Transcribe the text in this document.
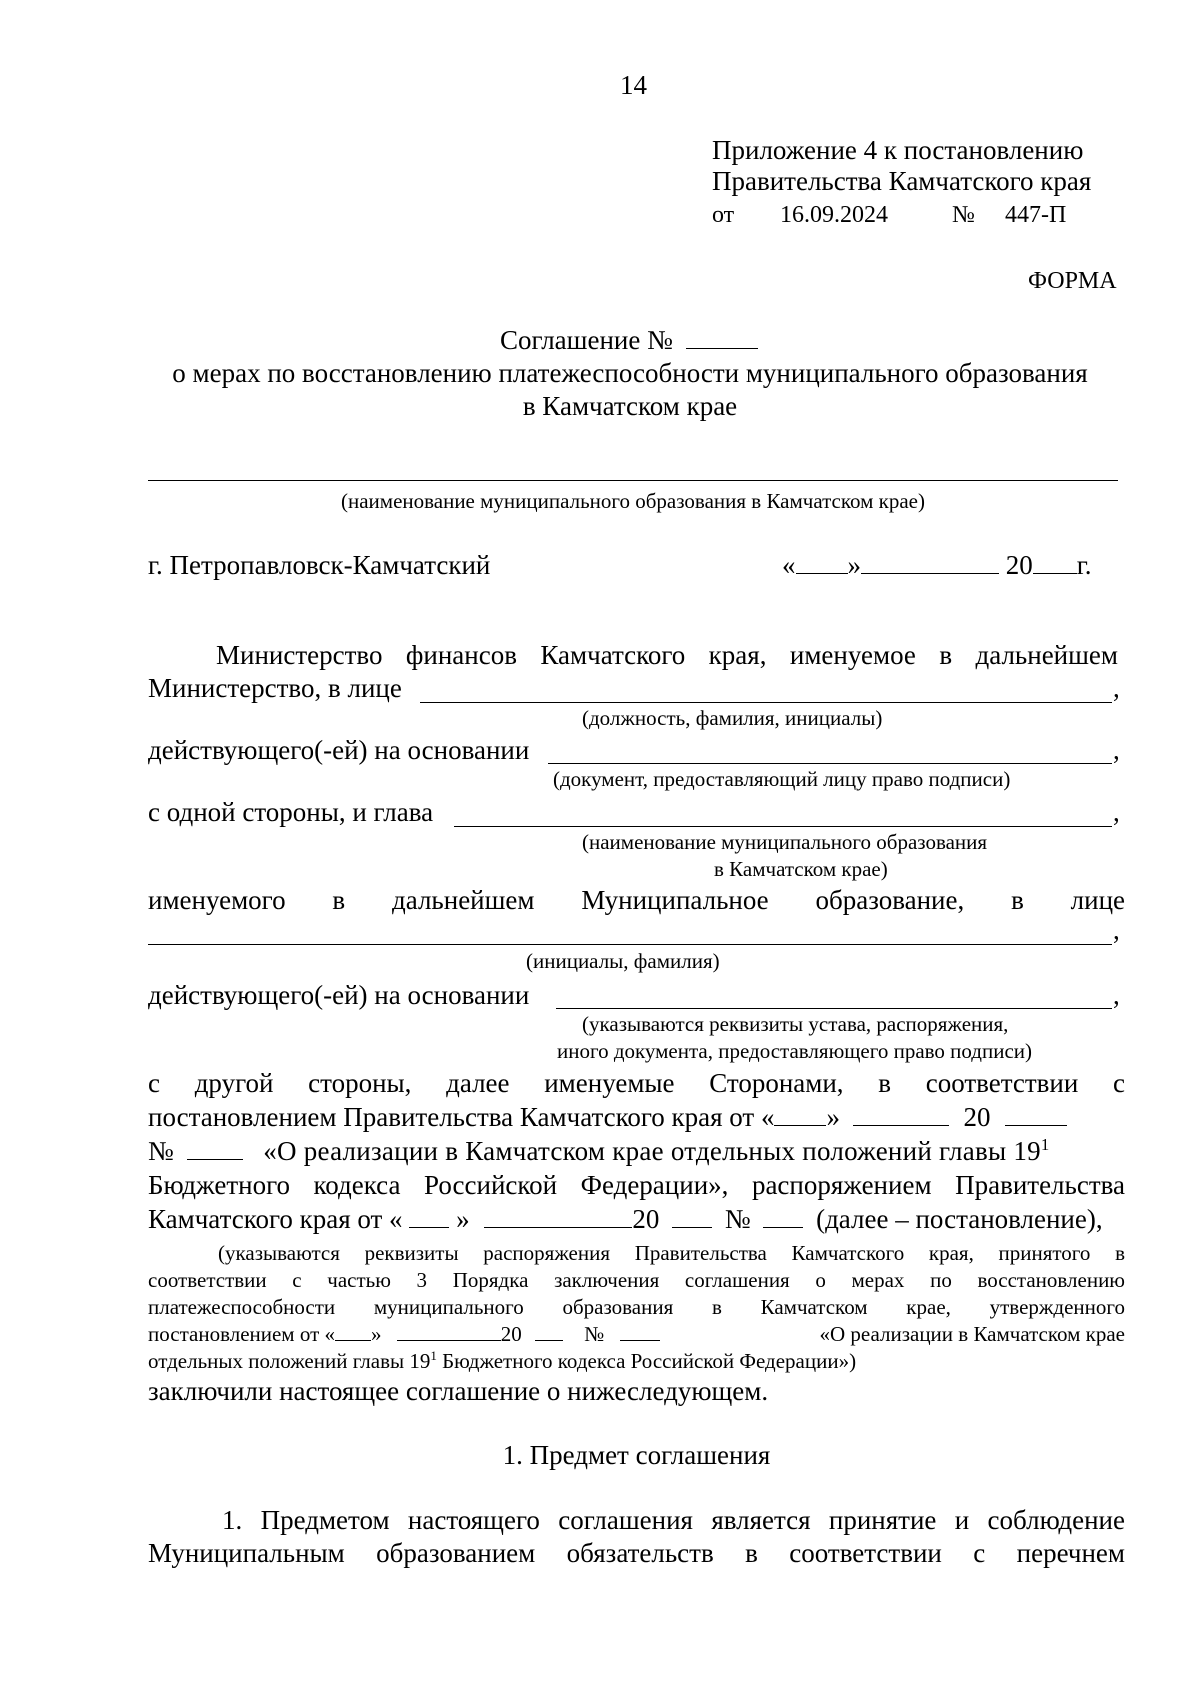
14
Приложение 4 к постановлению
Правительства Камчатского края
от 16.09.2024	№ 447-П
ФОРМА
Соглашение №
о мерах по восстановлению платежеспособности муниципального образования
в Камчатском крае
(наименование муниципального образования в Камчатском крае)
г. Петропавловск-Камчатский	« »	20 г.
Министерство финансов Камчатского края, именуемое в дальнейшем
Министерство, в лице	,
(должность, фамилия, инициалы)
действующего(-ей) на основании	,
(документ, предоставляющий лицу право подписи)
с одной стороны, и глава	,
(наименование муниципального образования
в Камчатском крае)
именуемого в дальнейшем Муниципальное образование, в лице
,
(инициалы, фамилия)
действующего(-ей) на основании	,
(указываются реквизиты устава, распоряжения,
иного документа, предоставляющего право подписи)
с другой стороны, далее именуемые Сторонами, в соответствии с
постановлением Правительства Камчатского края от « »	20
№	«О реализации в Камчатском крае отдельных положений главы $19^1$
Бюджетного кодекса Российской Федерации», распоряжением Правительства
Камчатского края от « »	20 № (далее – постановление),
(указываются реквизиты распоряжения Правительства Камчатского края, принятого в
соответствии с частью 3 Порядка заключения соглашения о мерах по восстановлению
платежеспособности муниципального образования в Камчатском крае, утвержденного
постановлением от « »	20	№	«О реализации в Камчатском крае
отдельных положений главы $19^1$ Бюджетного кодекса Российской Федерации»)
заключили настоящее соглашение о нижеследующем.
1. Предмет соглашения
1. Предметом настоящего соглашения является принятие и соблюдение
Муниципальным образованием обязательств в соответствии с перечнем
